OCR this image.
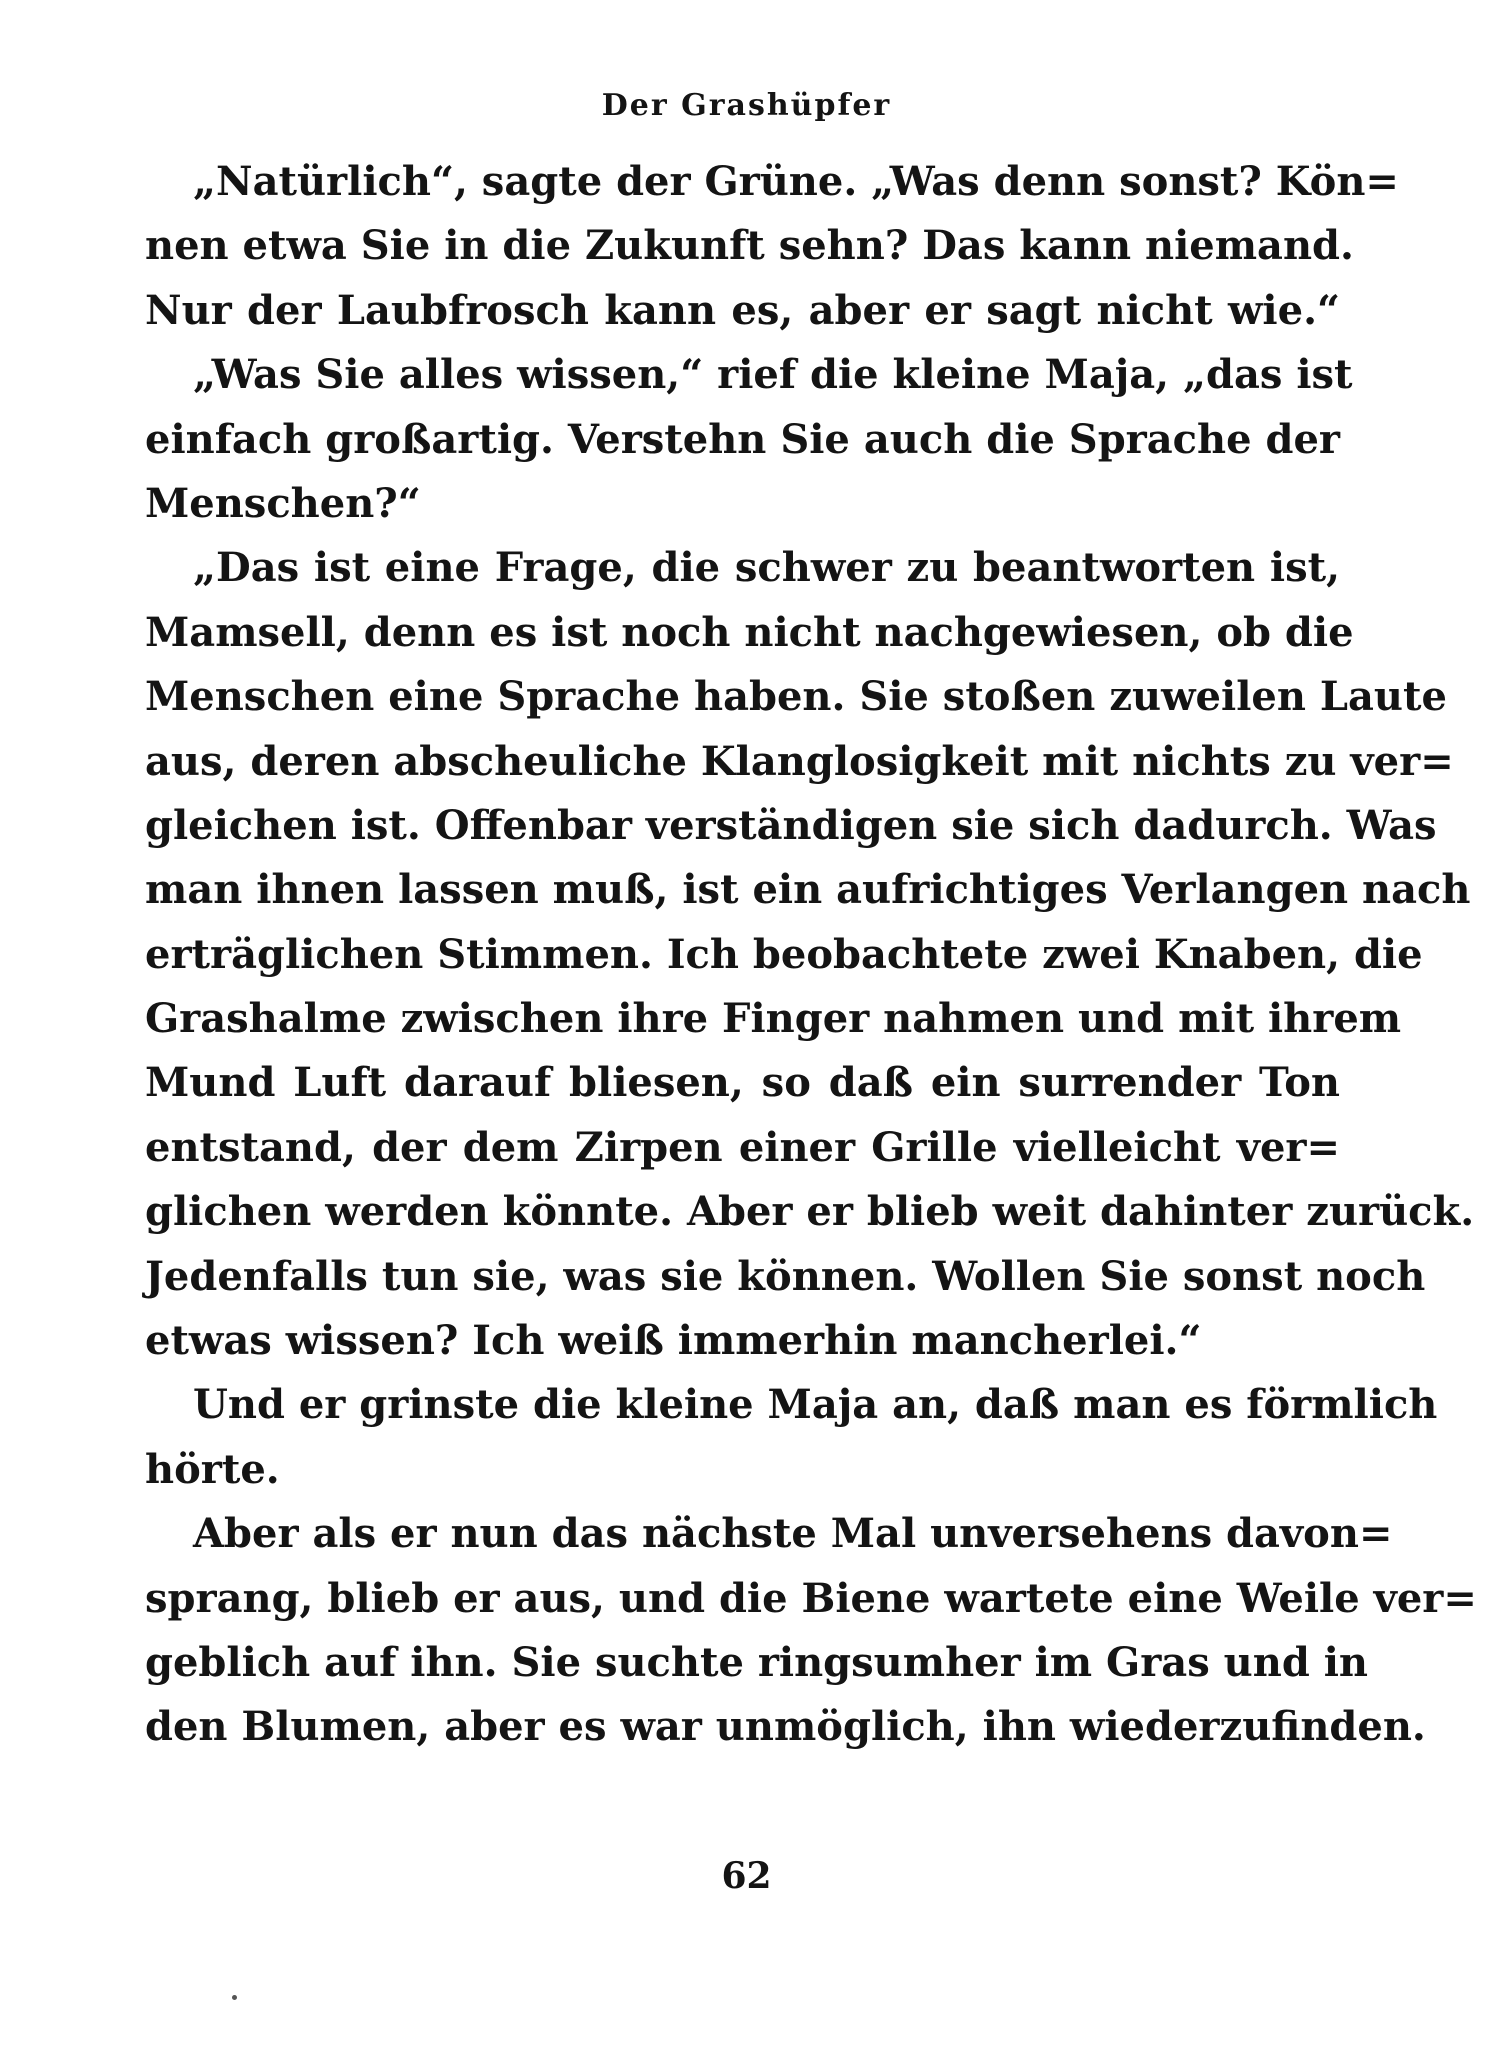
Der Grashüpfer
„Natürlich“, sagte der Grüne. „Was denn sonst? Kön=
nen etwa Sie in die Zukunft sehn? Das kann niemand.
Nur der Laubfrosch kann es, aber er sagt nicht wie.“
„Was Sie alles wissen,“ rief die kleine Maja, „das ist
einfach großartig. Verstehn Sie auch die Sprache der
Menschen?“
„Das ist eine Frage, die schwer zu beantworten ist,
Mamsell, denn es ist noch nicht nachgewiesen, ob die
Menschen eine Sprache haben. Sie stoßen zuweilen Laute
aus, deren abscheuliche Klanglosigkeit mit nichts zu ver=
gleichen ist. Offenbar verständigen sie sich dadurch. Was
man ihnen lassen muß, ist ein aufrichtiges Verlangen nach
erträglichen Stimmen. Ich beobachtete zwei Knaben, die
Grashalme zwischen ihre Finger nahmen und mit ihrem
Mund Luft darauf bliesen, so daß ein surrender Ton
entstand, der dem Zirpen einer Grille vielleicht ver=
glichen werden könnte. Aber er blieb weit dahinter zurück.
Jedenfalls tun sie, was sie können. Wollen Sie sonst noch
etwas wissen? Ich weiß immerhin mancherlei.“
Und er grinste die kleine Maja an, daß man es förmlich
hörte.
Aber als er nun das nächste Mal unversehens davon=
sprang, blieb er aus, und die Biene wartete eine Weile ver=
geblich auf ihn. Sie suchte ringsumher im Gras und in
den Blumen, aber es war unmöglich, ihn wiederzufinden.
62
